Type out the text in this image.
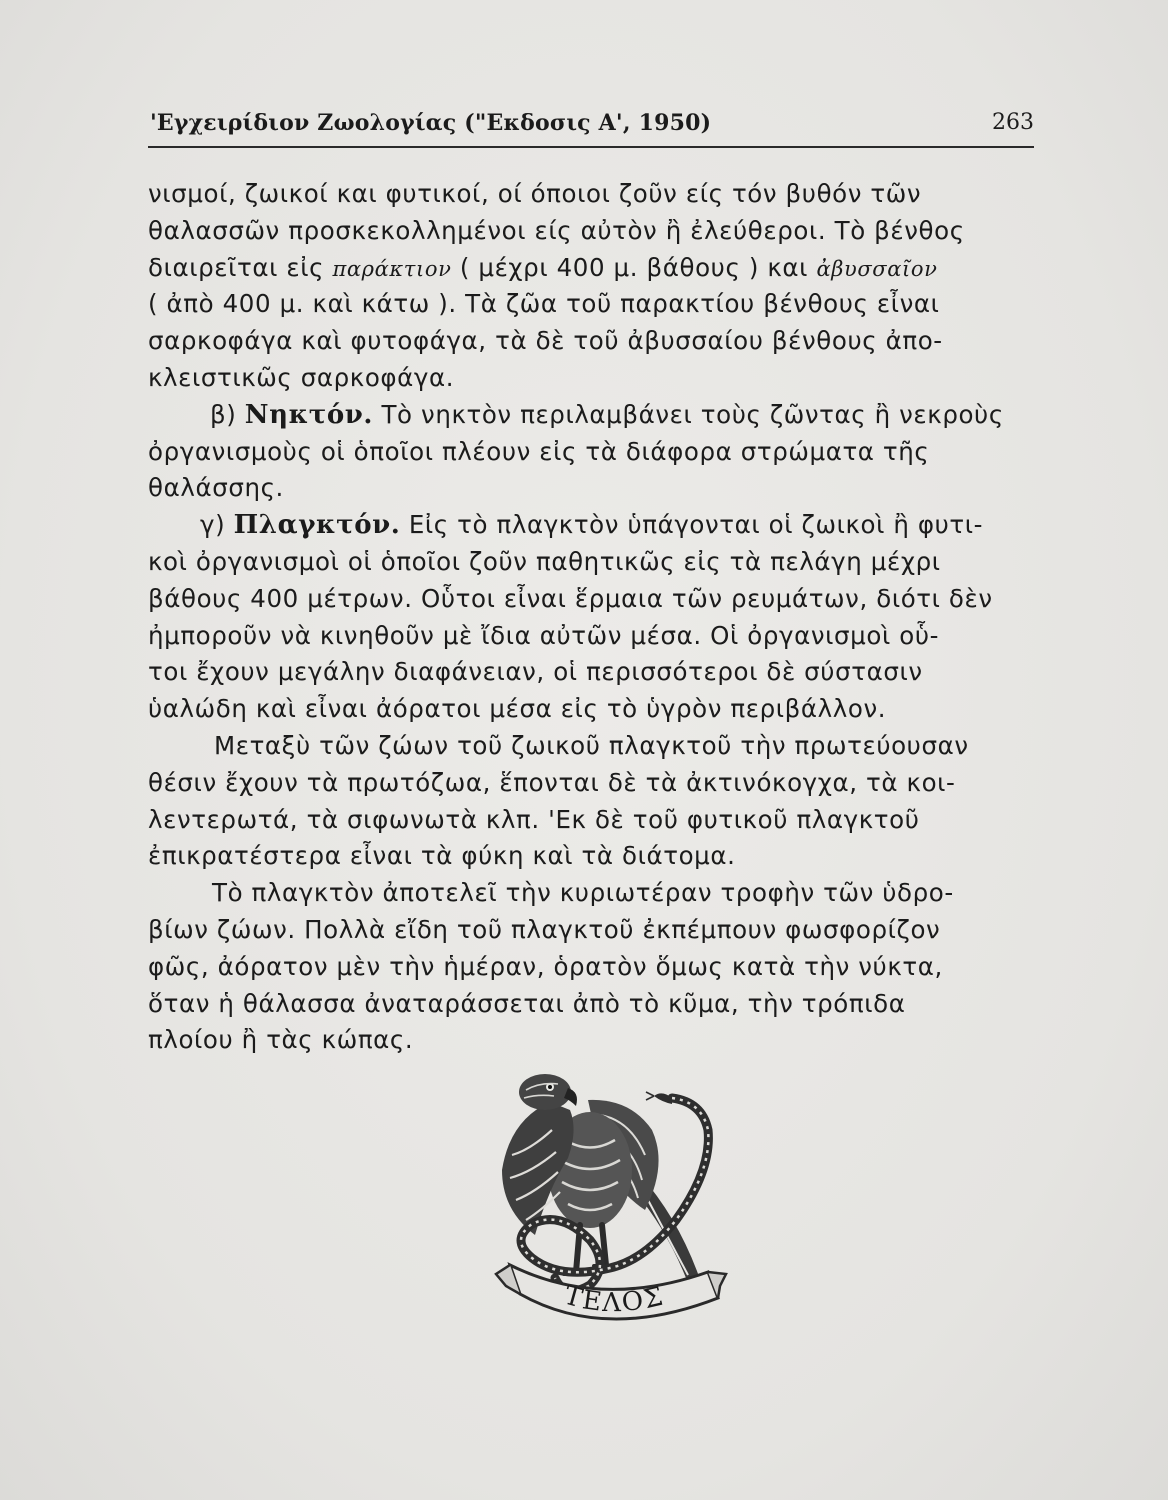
'Εγχειρίδιον Ζωολογίας ("Εκδοσις Α', 1950)	263
νισμοί, ζωικοί και φυτικοί, οί όποιοι ζοῦν είς τόν βυθόν τῶν
θαλασσῶν προσκεκολλημένοι είς αὐτὸν ἢ ἐλεύθεροι. Τὸ βένθος
διαιρεῖται εἰς παράκτιον ( μέχρι 400 μ. βάθους ) και ἀβυσσαῖον
( ἀπὸ 400 μ. καὶ κάτω ). Τὰ ζῶα τοῦ παρακτίου βένθους εἶναι
σαρκοφάγα καὶ φυτοφάγα, τὰ δὲ τοῦ ἀβυσσαίου βένθους ἀπο-
κλειστικῶς σαρκοφάγα.
β) Νηκτόν. Τὸ νηκτὸν περιλαμβάνει τοὺς ζῶντας ἢ νεκροὺς
ὀργανισμοὺς οἱ ὁποῖοι πλέουν εἰς τὰ διάφορα στρώματα τῆς
θαλάσσης.
γ) Πλαγκτόν. Εἰς τὸ πλαγκτὸν ὑπάγονται οἱ ζωικοὶ ἢ φυτι-
κοὶ ὀργανισμοὶ οἱ ὁποῖοι ζοῦν παθητικῶς εἰς τὰ πελάγη μέχρι
βάθους 400 μέτρων. Οὗτοι εἶναι ἕρμαια τῶν ρευμάτων, διότι δὲν
ἠμποροῦν νὰ κινηθοῦν μὲ ἴδια αὐτῶν μέσα. Οἱ ὀργανισμοὶ οὗ-
τοι ἔχουν μεγάλην διαφάνειαν, οἱ περισσότεροι δὲ σύστασιν
ὑαλώδη καὶ εἶναι ἀόρατοι μέσα εἰς τὸ ὑγρὸν περιβάλλον.
Μεταξὺ τῶν ζώων τοῦ ζωικοῦ πλαγκτοῦ τὴν πρωτεύουσαν
θέσιν ἔχουν τὰ πρωτόζωα, ἕπονται δὲ τὰ ἀκτινόκογχα, τὰ κοι-
λεντερωτά, τὰ σιφωνωτὰ κλπ. 'Εκ δὲ τοῦ φυτικοῦ πλαγκτοῦ
ἐπικρατέστερα εἶναι τὰ φύκη καὶ τὰ διάτομα.
Τὸ πλαγκτὸν ἀποτελεῖ τὴν κυριωτέραν τροφὴν τῶν ὑδρο-
βίων ζώων. Πολλὰ εἴδη τοῦ πλαγκτοῦ ἐκπέμπουν φωσφορίζον
φῶς, ἀόρατον μὲν τὴν ἡμέραν, ὁρατὸν ὅμως κατὰ τὴν νύκτα,
ὅταν ἡ θάλασσα ἀναταράσσεται ἀπὸ τὸ κῦμα, τὴν τρόπιδα
πλοίου ἢ τὰς κώπας.
ΤΕΛΟΣ
